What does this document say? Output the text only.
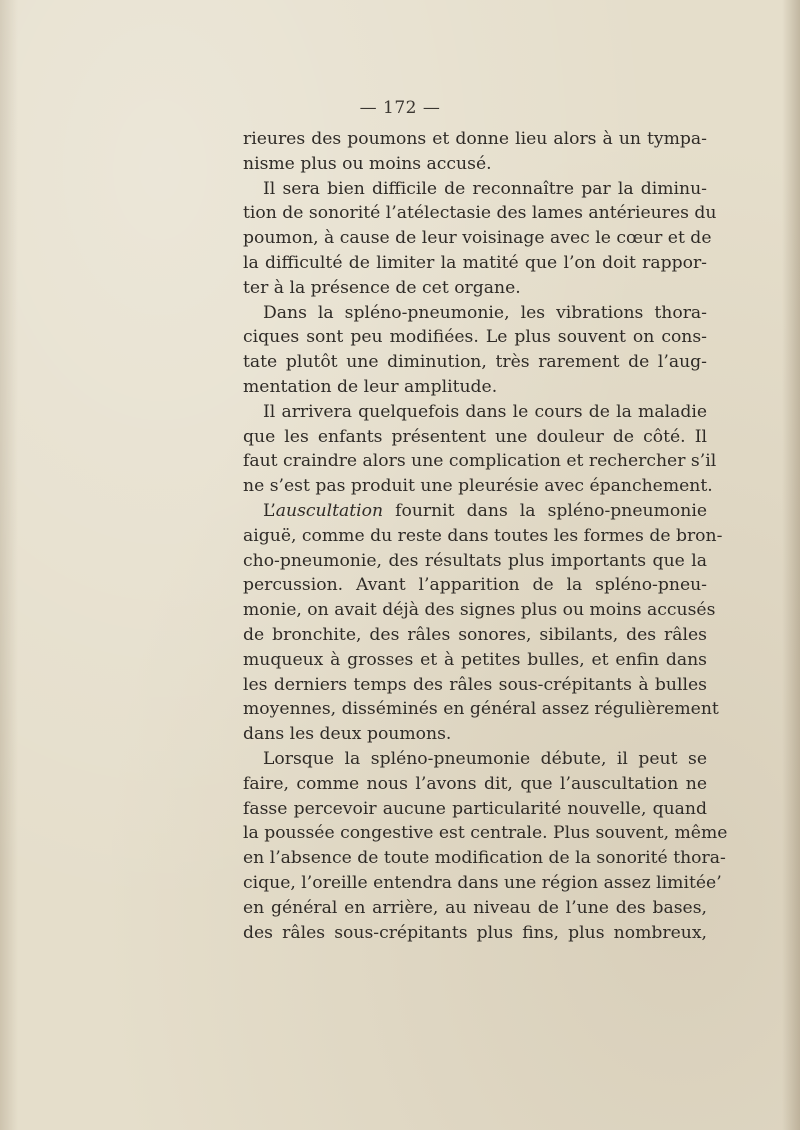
— 172 —
rieures des poumons et donne lieu alors à un tympa-
nisme plus ou moins accusé.
Il sera bien difficile de reconnaître par la diminu-
tion de sonorité l’atélectasie des lames antérieures du
poumon, à cause de leur voisinage avec le cœur et de
la difficulté de limiter la matité que l’on doit rappor-
ter à la présence de cet organe.
Dans la spléno-pneumonie, les vibrations thora-
ciques sont peu modifiées. Le plus souvent on cons-
tate plutôt une diminution, très rarement de l’aug-
mentation de leur amplitude.
Il arrivera quelquefois dans le cours de la maladie
que les enfants présentent une douleur de côté. Il
faut craindre alors une complication et rechercher s’il
ne s’est pas produit une pleurésie avec épanchement.
L’auscultation fournit dans la spléno-pneumonie
aiguë, comme du reste dans toutes les formes de bron-
cho-pneumonie, des résultats plus importants que la
percussion. Avant l’apparition de la spléno-pneu-
monie, on avait déjà des signes plus ou moins accusés
de bronchite, des râles sonores, sibilants, des râles
muqueux à grosses et à petites bulles, et enfin dans
les derniers temps des râles sous-crépitants à bulles
moyennes, disséminés en général assez régulièrement
dans les deux poumons.
Lorsque la spléno-pneumonie débute, il peut se
faire, comme nous l’avons dit, que l’auscultation ne
fasse percevoir aucune particularité nouvelle, quand
la poussée congestive est centrale. Plus souvent, même
en l’absence de toute modification de la sonorité thora-
cique, l’oreille entendra dans une région assez limitée’
en général en arrière, au niveau de l’une des bases,
des râles sous-crépitants plus fins, plus nombreux,
